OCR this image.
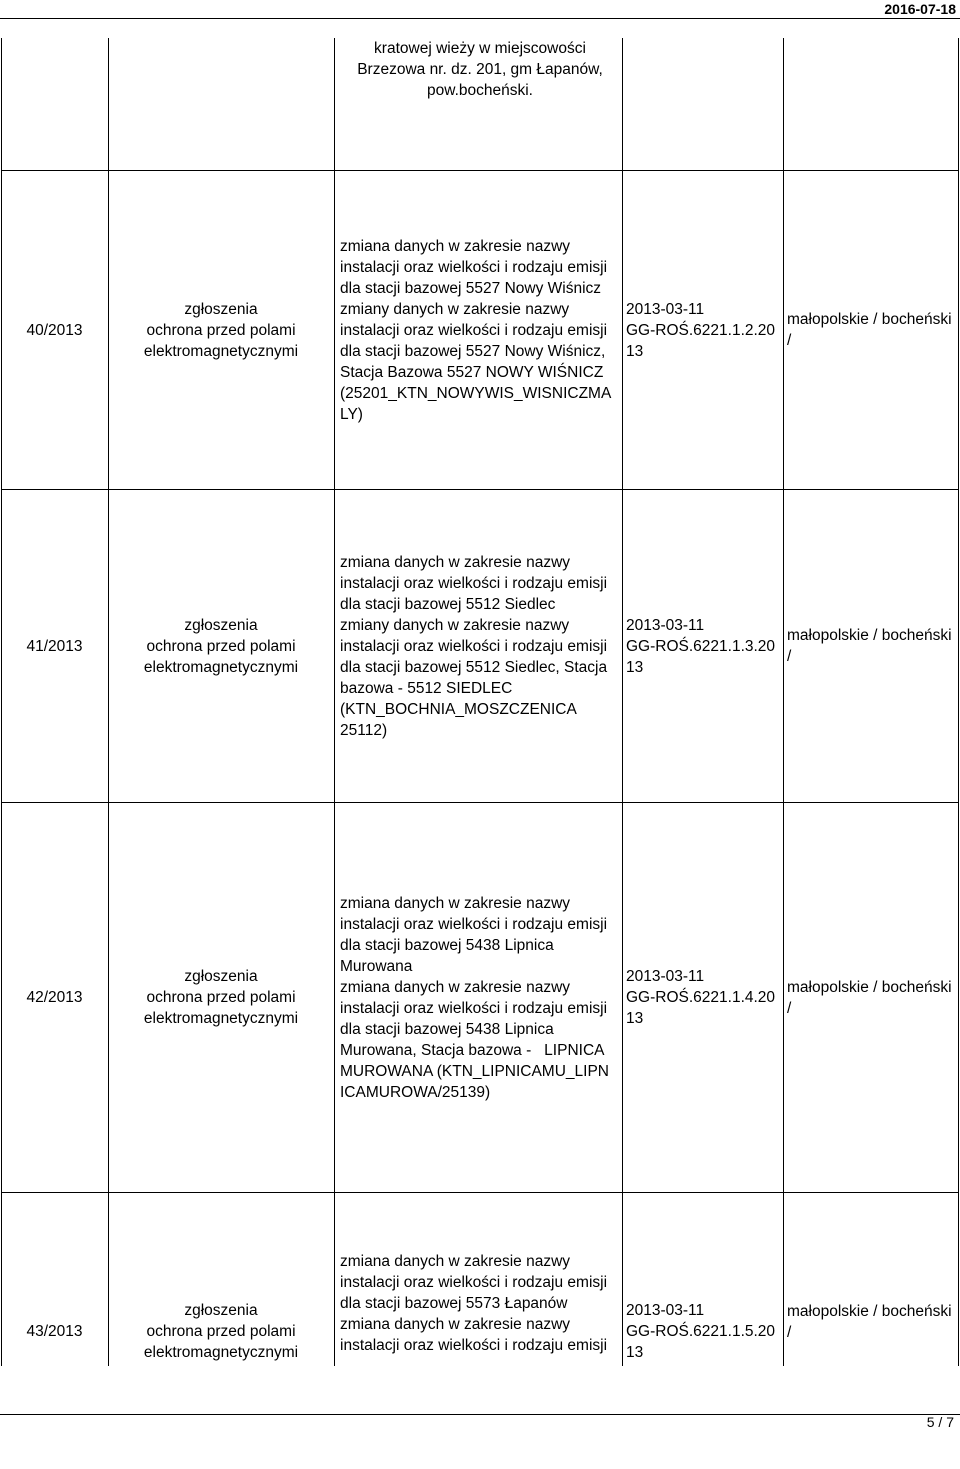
2016-07-18
kratowej wieży w miejscowości
Brzezowa nr. dz. 201, gm Łapanów,
pow.bocheński.
40/2013
zgłoszenia
ochrona przed polami
elektromagnetycznymi
zmiana danych w zakresie nazwy
instalacji oraz wielkości i rodzaju emisji
dla stacji bazowej 5527 Nowy Wiśnicz
zmiany danych w zakresie nazwy
instalacji oraz wielkości i rodzaju emisji
dla stacji bazowej 5527 Nowy Wiśnicz,
Stacja Bazowa 5527 NOWY WIŚNICZ
(25201_KTN_NOWYWIS_WISNICZMA
LY)
2013-03-11
GG-ROŚ.6221.1.2.20
13
małopolskie / bocheński
/
41/2013
zgłoszenia
ochrona przed polami
elektromagnetycznymi
zmiana danych w zakresie nazwy
instalacji oraz wielkości i rodzaju emisji
dla stacji bazowej 5512 Siedlec
zmiany danych w zakresie nazwy
instalacji oraz wielkości i rodzaju emisji
dla stacji bazowej 5512 Siedlec, Stacja
bazowa - 5512 SIEDLEC
(KTN_BOCHNIA_MOSZCZENICA
25112)
2013-03-11
GG-ROŚ.6221.1.3.20
13
małopolskie / bocheński
/
42/2013
zgłoszenia
ochrona przed polami
elektromagnetycznymi
zmiana danych w zakresie nazwy
instalacji oraz wielkości i rodzaju emisji
dla stacji bazowej 5438 Lipnica
Murowana
zmiana danych w zakresie nazwy
instalacji oraz wielkości i rodzaju emisji
dla stacji bazowej 5438 Lipnica
Murowana, Stacja bazowa -   LIPNICA
MUROWANA (KTN_LIPNICAMU_LIPN
ICAMUROWA/25139)
2013-03-11
GG-ROŚ.6221.1.4.20
13
małopolskie / bocheński
/
43/2013
zgłoszenia
ochrona przed polami
elektromagnetycznymi
zmiana danych w zakresie nazwy
instalacji oraz wielkości i rodzaju emisji
dla stacji bazowej 5573 Łapanów
zmiana danych w zakresie nazwy
instalacji oraz wielkości i rodzaju emisji
2013-03-11
GG-ROŚ.6221.1.5.20
13
małopolskie / bocheński
/
5 / 7
